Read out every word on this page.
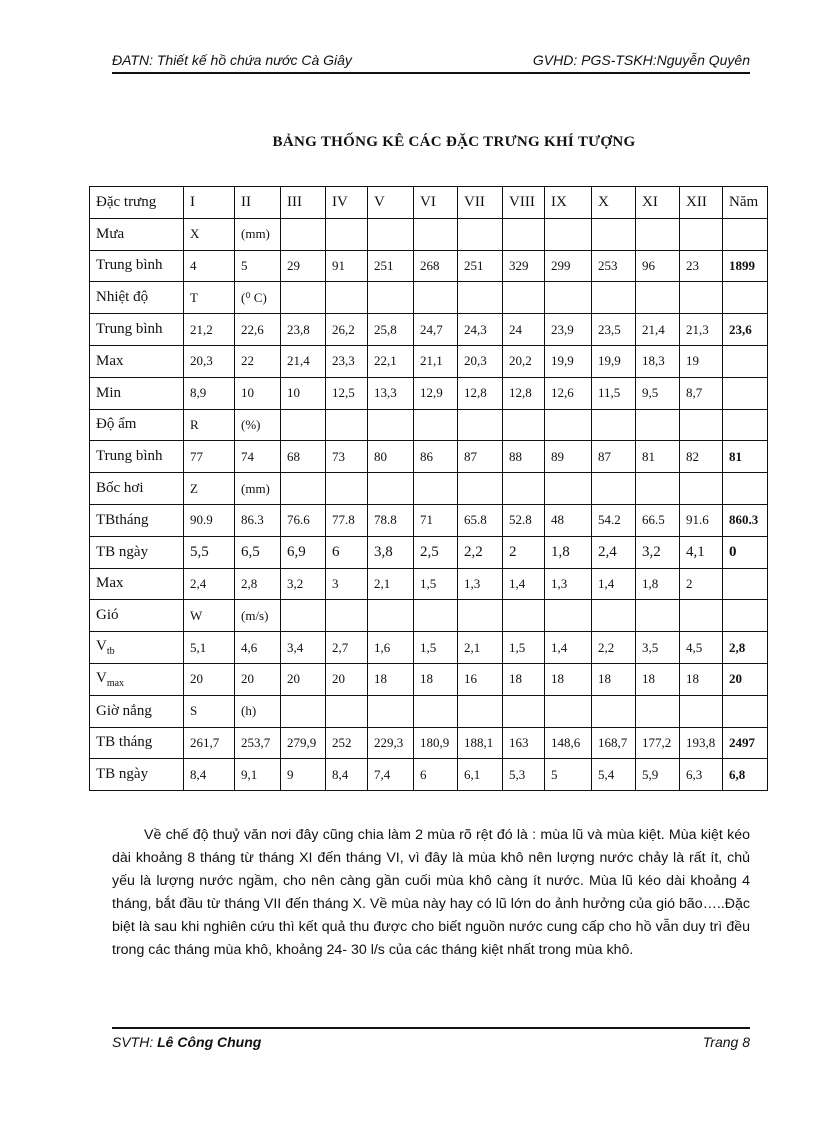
ĐATN: Thiết kế hồ chứa nước Cà Giây	GVHD: PGS-TSKH:Nguyễn Quyên
BẢNG THỐNG KÊ CÁC ĐẶC TRƯNG KHÍ TƯỢNG
Đặc trưng	I	II	III	IV	V	VI	VII	VIII	IX	X	XI	XII	Năm
Mưa	X	(mm)											
Trung bình	4	5	29	91	251	268	251	329	299	253	96	23	1899
Nhiệt độ	T	(⁰ C)											
Trung bình	21,2	22,6	23,8	26,2	25,8	24,7	24,3	24	23,9	23,5	21,4	21,3	23,6
Max	20,3	22	21,4	23,3	22,1	21,1	20,3	20,2	19,9	19,9	18,3	19	
Min	8,9	10	10	12,5	13,3	12,9	12,8	12,8	12,6	11,5	9,5	8,7	
Độ ẩm	R	(%)											
Trung bình	77	74	68	73	80	86	87	88	89	87	81	82	81
Bốc hơi	Z	(mm)											
TBtháng	90.9	86.3	76.6	77.8	78.8	71	65.8	52.8	48	54.2	66.5	91.6	860.3
TB ngày	5,5	6,5	6,9	6	3,8	2,5	2,2	2	1,8	2,4	3,2	4,1	0
Max	2,4	2,8	3,2	3	2,1	1,5	1,3	1,4	1,3	1,4	1,8	2	
Gió	W	(m/s)											
$V_{tb}$	5,1	4,6	3,4	2,7	1,6	1,5	2,1	1,5	1,4	2,2	3,5	4,5	2,8
$V_{max}$	20	20	20	20	18	18	16	18	18	18	18	18	20
Giờ nắng	S	(h)											
TB tháng	261,7	253,7	279,9	252	229,3	180,9	188,1	163	148,6	168,7	177,2	193,8	2497
TB ngày	8,4	9,1	9	8,4	7,4	6	6,1	5,3	5	5,4	5,9	6,3	6,8
Về chế độ thuỷ văn nơi đây cũng chia làm 2 mùa rõ rệt đó là : mùa lũ và mùa kiệt. Mùa kiệt kéo dài khoảng 8 tháng từ tháng XI đến tháng VI, vì đây là mùa khô nên lượng nước chảy là rất ít, chủ yếu là lượng nước ngầm, cho nên càng gần cuối mùa khô càng ít nước. Mùa lũ kéo dài khoảng 4 tháng, bắt đầu từ tháng VII đến tháng X. Về mùa này hay có lũ lớn do ảnh hưởng của gió bão…..Đặc biệt là sau khi nghiên cứu thì kết quả thu được cho biết nguồn nước cung cấp cho hồ vẫn duy trì đều trong các tháng mùa khô, khoảng 24- 30 l/s của các tháng kiệt nhất trong mùa khô.
SVTH: Lê Công Chung	Trang 8
